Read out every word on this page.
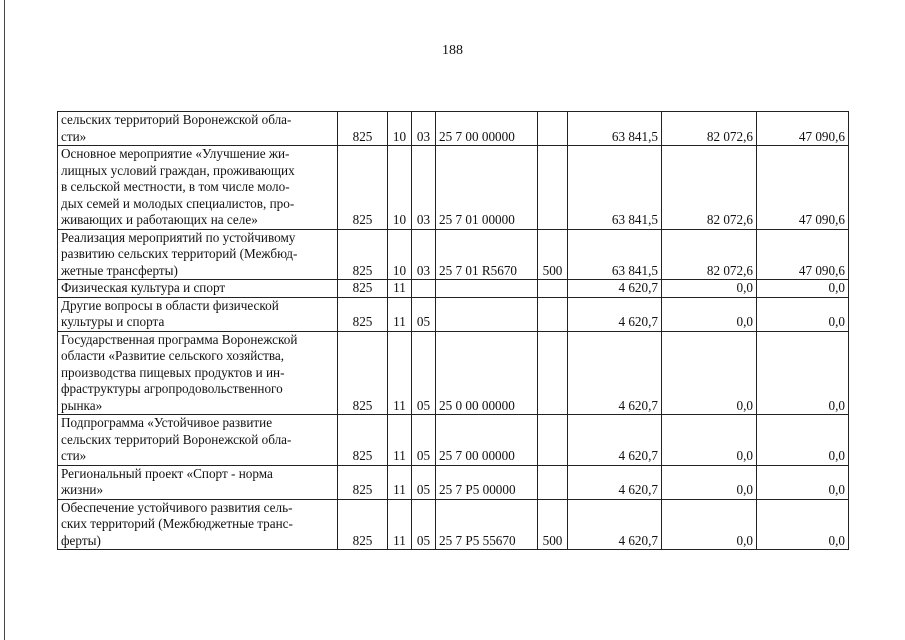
188
сельских территорий Воронежской обла-
сти»	825	10	03	25 7 00 00000		63 841,5	82 072,6	47 090,6

Основное мероприятие «Улучшение жи-
лищных условий граждан, проживающих
в сельской местности, в том числе моло-
дых семей и молодых специалистов, про-
живающих и работающих на селе»	825	10	03	25 7 01 00000		63 841,5	82 072,6	47 090,6

Реализация мероприятий по устойчивому
развитию сельских территорий (Межбюд-
жетные трансферты)	825	10	03	25 7 01 R5670	500	63 841,5	82 072,6	47 090,6

Физическая культура и спорт	825	11				4 620,7	0,0	0,0

Другие вопросы в области физической
культуры и спорта	825	11	05			4 620,7	0,0	0,0

Государственная программа Воронежской
области «Развитие сельского хозяйства,
производства пищевых продуктов и ин-
фраструктуры агропродовольственного
рынка»	825	11	05	25 0 00 00000		4 620,7	0,0	0,0

Подпрограмма «Устойчивое развитие
сельских территорий Воронежской обла-
сти»	825	11	05	25 7 00 00000		4 620,7	0,0	0,0

Региональный проект «Спорт - норма
жизни»	825	11	05	25 7 P5 00000		4 620,7	0,0	0,0

Обеспечение устойчивого развития сель-
ских территорий (Межбюджетные транс-
ферты)	825	11	05	25 7 P5 55670	500	4 620,7	0,0	0,0
